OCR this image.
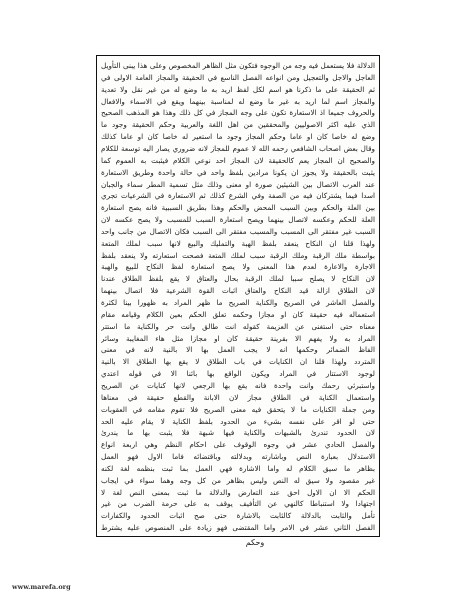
الدلالة فلا يستعمل فيه وجه من الوجوه فتكون مثل الظاهر المخصوص وعلى هذا يبنى التأويل
العاجل والاجل والتعجيل ومن انواعه الفصل الناسع في الحقيقة والمجاز العامة الاولى في
ثم الحقيقة على ما ذكرنا هو اسم لكل لفظ اريد به ما وضع له من غير نقل ولا تعدية
والمجاز اسم لما اريد به غير ما وضع له لمناسبة بينهما ويقع في الاسماء والافعال
والحروف جميعا اذ الاستعارة تكون على وجه المجاز في كل ذلك وهذا هو المذهب الصحيح
الذي عليه اكثر الاصوليين والمحققين من اهل اللغة والعربية وحكم الحقيقة وجود ما
وضع له خاصا كان او عاما وحكم المجاز وجود ما استعير له خاصا كان او عاما كذلك
وقال بعض اصحاب الشافعي رحمه الله لا عموم للمجاز لانه ضروري يصار اليه توسعة للكلام
والصحيح ان المجاز يعم كالحقيقة لان المجاز احد نوعي الكلام فيثبت به العموم كما
يثبت بالحقيقة ولا يجوز ان يكونا مرادين بلفظ واحد في حالة واحدة وطريق الاستعارة
عند العرب الاتصال بين الشيئين صورة او معنى وذلك مثل تسمية المطر سماء والجبان
اسدا فيما يشتركان فيه من الصفة وفي الشرع كذلك ثم الاستعارة في الشرعيات تجري
بين العلة والحكم وبين السبب المحض والحكم وهذا بطريق السببية فانه يصح استعارة
العلة للحكم وعكسه لاتصال بينهما ويصح استعارة السبب للمسبب ولا يصح عكسه لان
السبب غير مفتقر الى المسبب والمسبب مفتقر الى السبب فكان الاتصال من جانب واحد
ولهذا قلنا ان النكاح ينعقد بلفظ الهبة والتمليك والبيع لانها سبب لملك المتعة
بواسطة ملك الرقبة وملك الرقبة سبب لملك المتعة فصحت استعارته ولا ينعقد بلفظ
الاجارة والاعارة لعدم هذا المعنى ولا يصح استعارة لفظ النكاح للبيع والهبة
لان النكاح لا يصلح سببا لملك الرقبة بحال والعتاق لا يقع بلفظ الطلاق عندنا
لان الطلاق ازالة قيد النكاح والعتاق اثبات القوة الشرعية فلا اتصال بينهما
والفصل العاشر في الصريح والكناية الصريح ما ظهر المراد به ظهورا بينا لكثرة
استعماله فيه حقيقة كان او مجازا وحكمه تعلق الحكم بعين الكلام وقيامه مقام
معناه حتى استغنى عن العزيمة كقوله انت طالق وانت حر والكناية ما استتر
المراد به ولا يفهم الا بقرينة حقيقة كان او مجازا مثل هاء المغايبة وسائر
الفاظ الضمائر وحكمها انه لا يجب العمل بها الا بالنية لانه في معنى
المتردد ولهذا قلنا ان الكنايات في باب الطلاق لا يقع بها الطلاق الا بالنية
لوجود الاستتار في المراد ويكون الواقع بها بائنا الا في قوله اعتدي
واستبرئي رحمك وانت واحدة فانه يقع بها الرجعي لانها كنايات عن الصريح
واستعمال الكناية في الطلاق مجاز لان الابانة والقطع حقيقة في معناها
ومن جملة الكنايات ما لا يتحقق فيه معنى الصريح فلا تقوم مقامه في العقوبات
حتى لو اقر على نفسه بشيء من الحدود بلفظ الكناية لا يقام عليه الحد
لان الحدود تندرئ بالشبهات والكناية فيها شبهة فلا يثبت بها ما يندرئ
والفصل الحادي عشر في وجوه الوقوف على احكام النظم وهي اربعة انواع
الاستدلال بعبارة النص وباشارته وبدلالته وباقتضائه فاما الاول فهو العمل
بظاهر ما سيق الكلام له واما الاشارة فهي العمل بما ثبت بنظمه لغة لكنه
غير مقصود ولا سيق له النص وليس بظاهر من كل وجه وهما سواء في ايجاب
الحكم الا ان الاول احق عند التعارض والدلالة ما ثبت بمعنى النص لغة لا
اجتهادا ولا استنباطا كالنهي عن التأفيف يوقف به على حرمة الضرب من غير
تأمل والثابت بالدلالة كالثابت بالاشارة حتى صح اثبات الحدود والكفارات
الفصل الثاني عشر في الامر واما المقتضى فهو زيادة على المنصوص عليه يشترط
وحكم
www.marefa.org
